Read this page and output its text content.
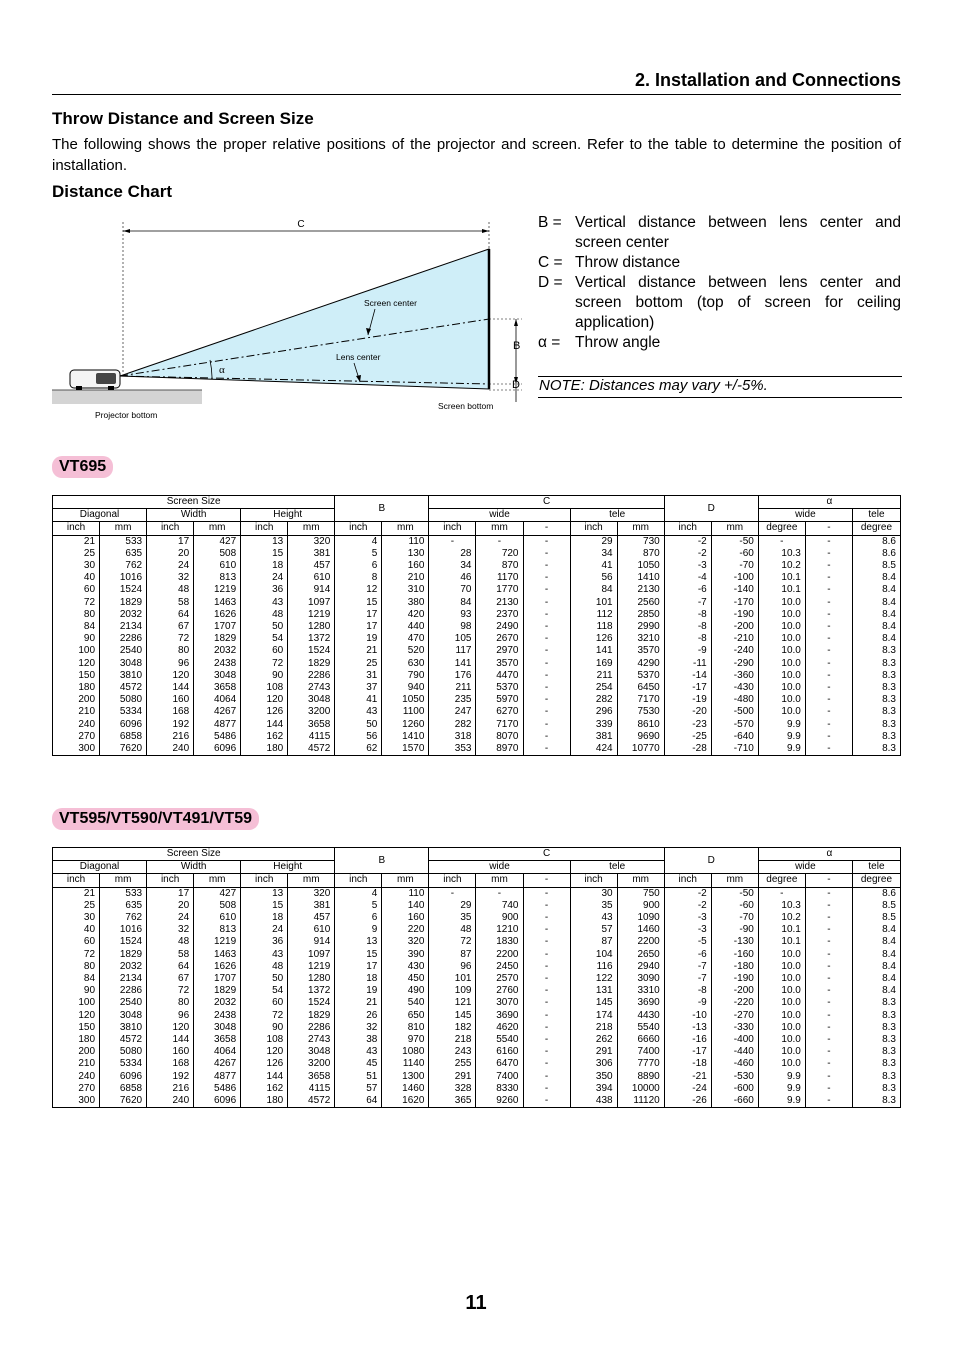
2. Installation and Connections
Throw Distance and Screen Size
The following shows the proper relative positions of the projector and screen. Refer to the table to determine the position of installation.
Distance Chart
C
B
D
α
Screen center
Lens center
Projector bottom
Screen bottom
B = Vertical distance between lens center and screen center
C = Throw distance
D = Vertical distance between lens center and screen bottom (top of screen for ceiling application)
α = Throw angle
NOTE: Distances may vary +/-5%.
VT695
Screen Size						B		C					D		α		
Diagonal		Width		Height				wide			tele				wide		tele
inch	mm	inch	mm	inch	mm	inch	mm	inch	mm	-	inch	mm	inch	mm	degree	-	degree
21	533	17	427	13	320	4	110	-	-	-	29	730	-2	-50	-	-	8.6
25	635	20	508	15	381	5	130	28	720	-	34	870	-2	-60	10.3	-	8.6
30	762	24	610	18	457	6	160	34	870	-	41	1050	-3	-70	10.2	-	8.5
40	1016	32	813	24	610	8	210	46	1170	-	56	1410	-4	-100	10.1	-	8.4
60	1524	48	1219	36	914	12	310	70	1770	-	84	2130	-6	-140	10.1	-	8.4
72	1829	58	1463	43	1097	15	380	84	2130	-	101	2560	-7	-170	10.0	-	8.4
80	2032	64	1626	48	1219	17	420	93	2370	-	112	2850	-8	-190	10.0	-	8.4
84	2134	67	1707	50	1280	17	440	98	2490	-	118	2990	-8	-200	10.0	-	8.4
90	2286	72	1829	54	1372	19	470	105	2670	-	126	3210	-8	-210	10.0	-	8.4
100	2540	80	2032	60	1524	21	520	117	2970	-	141	3570	-9	-240	10.0	-	8.3
120	3048	96	2438	72	1829	25	630	141	3570	-	169	4290	-11	-290	10.0	-	8.3
150	3810	120	3048	90	2286	31	790	176	4470	-	211	5370	-14	-360	10.0	-	8.3
180	4572	144	3658	108	2743	37	940	211	5370	-	254	6450	-17	-430	10.0	-	8.3
200	5080	160	4064	120	3048	41	1050	235	5970	-	282	7170	-19	-480	10.0	-	8.3
210	5334	168	4267	126	3200	43	1100	247	6270	-	296	7530	-20	-500	10.0	-	8.3
240	6096	192	4877	144	3658	50	1260	282	7170	-	339	8610	-23	-570	9.9	-	8.3
270	6858	216	5486	162	4115	56	1410	318	8070	-	381	9690	-25	-640	9.9	-	8.3
300	7620	240	6096	180	4572	62	1570	353	8970	-	424	10770	-28	-710	9.9	-	8.3
VT595/VT590/VT491/VT59
Screen Size						B		C					D		α		
Diagonal		Width		Height				wide			tele				wide		tele
inch	mm	inch	mm	inch	mm	inch	mm	inch	mm	-	inch	mm	inch	mm	degree	-	degree
21	533	17	427	13	320	4	110	-	-	-	30	750	-2	-50	-	-	8.6
25	635	20	508	15	381	5	140	29	740	-	35	900	-2	-60	10.3	-	8.5
30	762	24	610	18	457	6	160	35	900	-	43	1090	-3	-70	10.2	-	8.5
40	1016	32	813	24	610	9	220	48	1210	-	57	1460	-3	-90	10.1	-	8.4
60	1524	48	1219	36	914	13	320	72	1830	-	87	2200	-5	-130	10.1	-	8.4
72	1829	58	1463	43	1097	15	390	87	2200	-	104	2650	-6	-160	10.0	-	8.4
80	2032	64	1626	48	1219	17	430	96	2450	-	116	2940	-7	-180	10.0	-	8.4
84	2134	67	1707	50	1280	18	450	101	2570	-	122	3090	-7	-190	10.0	-	8.4
90	2286	72	1829	54	1372	19	490	109	2760	-	131	3310	-8	-200	10.0	-	8.4
100	2540	80	2032	60	1524	21	540	121	3070	-	145	3690	-9	-220	10.0	-	8.3
120	3048	96	2438	72	1829	26	650	145	3690	-	174	4430	-10	-270	10.0	-	8.3
150	3810	120	3048	90	2286	32	810	182	4620	-	218	5540	-13	-330	10.0	-	8.3
180	4572	144	3658	108	2743	38	970	218	5540	-	262	6660	-16	-400	10.0	-	8.3
200	5080	160	4064	120	3048	43	1080	243	6160	-	291	7400	-17	-440	10.0	-	8.3
210	5334	168	4267	126	3200	45	1140	255	6470	-	306	7770	-18	-460	10.0	-	8.3
240	6096	192	4877	144	3658	51	1300	291	7400	-	350	8890	-21	-530	9.9	-	8.3
270	6858	216	5486	162	4115	57	1460	328	8330	-	394	10000	-24	-600	9.9	-	8.3
300	7620	240	6096	180	4572	64	1620	365	9260	-	438	11120	-26	-660	9.9	-	8.3
11
